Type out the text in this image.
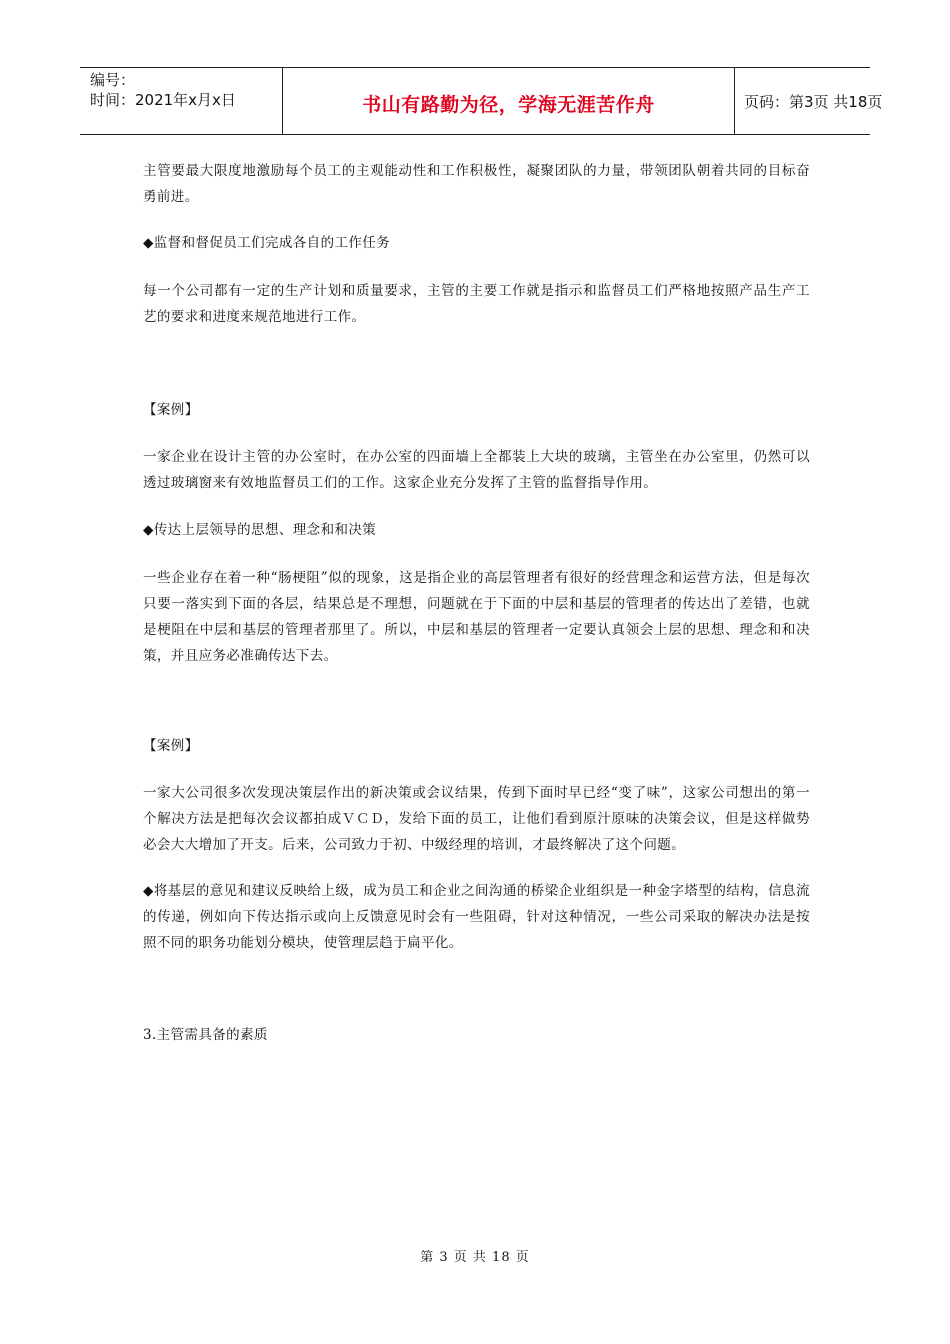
编号：
时间：2021年x月x日	书山有路勤为径，学海无涯苦作舟	页码：第3页 共18页
主管要最大限度地激励每个员工的主观能动性和工作积极性，凝聚团队的力量，带领团队朝着共同的目标奋勇前进。
◆监督和督促员工们完成各自的工作任务
每一个公司都有一定的生产计划和质量要求，主管的主要工作就是指示和监督员工们严格地按照产品生产工艺的要求和进度来规范地进行工作。
【案例】
一家企业在设计主管的办公室时，在办公室的四面墙上全都装上大块的玻璃，主管坐在办公室里，仍然可以透过玻璃窗来有效地监督员工们的工作。这家企业充分发挥了主管的监督指导作用。
◆传达上层领导的思想、理念和和决策
一些企业存在着一种“肠梗阻”似的现象，这是指企业的高层管理者有很好的经营理念和运营方法，但是每次只要一落实到下面的各层，结果总是不理想，问题就在于下面的中层和基层的管理者的传达出了差错，也就是梗阻在中层和基层的管理者那里了。所以，中层和基层的管理者一定要认真领会上层的思想、理念和和决策，并且应务必准确传达下去。
【案例】
一家大公司很多次发现决策层作出的新决策或会议结果，传到下面时早已经“变了味”，这家公司想出的第一个解决方法是把每次会议都拍成ＶＣＤ，发给下面的员工，让他们看到原汁原味的决策会议，但是这样做势必会大大增加了开支。后来，公司致力于初、中级经理的培训，才最终解决了这个问题。
◆将基层的意见和建议反映给上级，成为员工和企业之间沟通的桥梁企业组织是一种金字塔型的结构，信息流的传递，例如向下传达指示或向上反馈意见时会有一些阻碍，针对这种情况，一些公司采取的解决办法是按照不同的职务功能划分模块，使管理层趋于扁平化。
3.主管需具备的素质
第 3 页 共 18 页
